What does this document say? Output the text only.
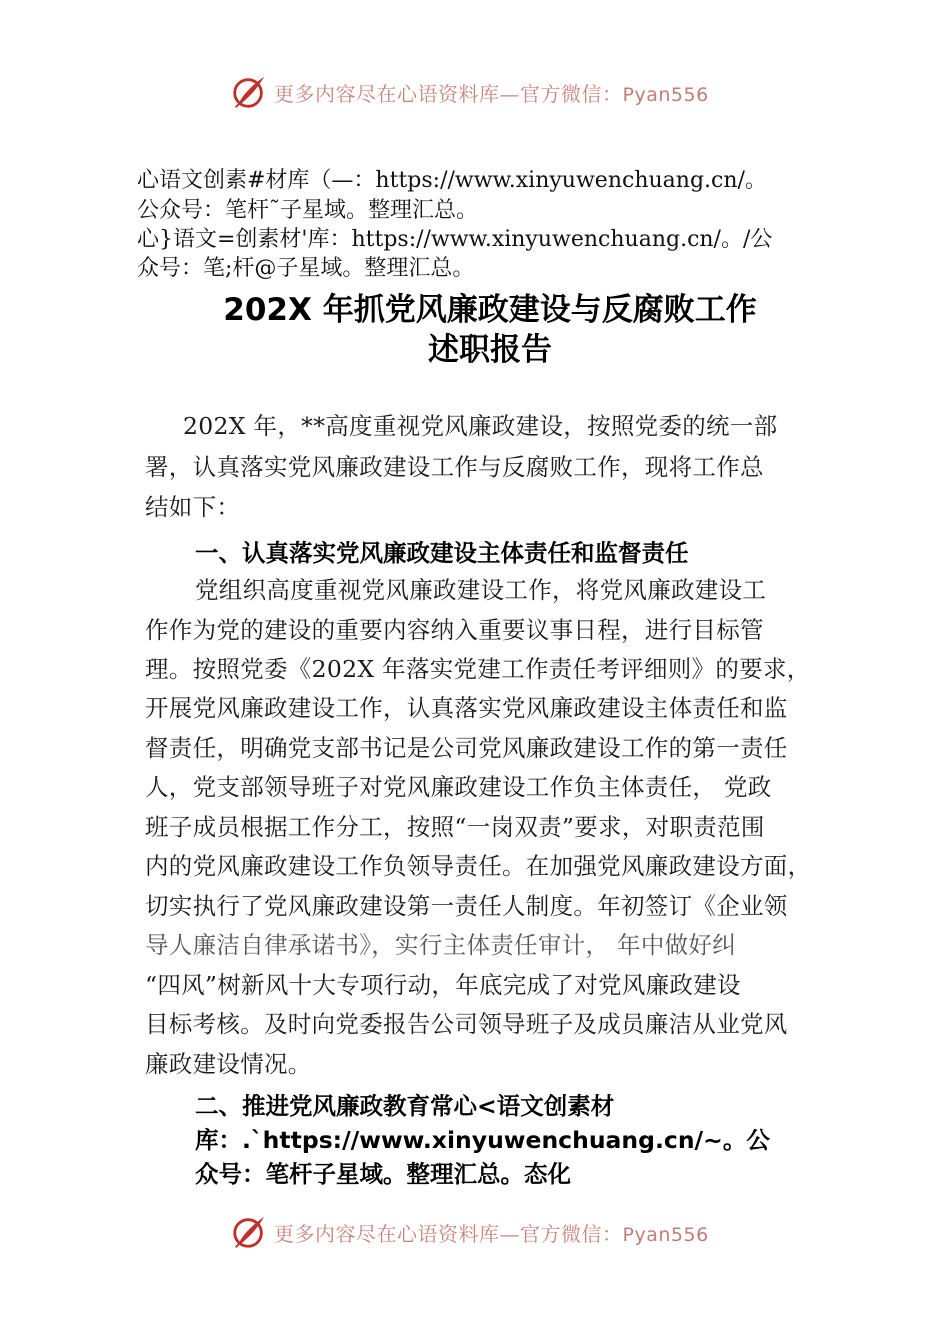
更多内容尽在心语资料库—官方微信：Pyan556
心语文创素#材库（—：https://www.xinyuwenchuang.cn/。
公众号：笔杆˜子星域。整理汇总。
心}语文=创素材'库：https://www.xinyuwenchuang.cn/。/公
众号：笔;杆@子星域。整理汇总。
202X 年抓党风廉政建设与反腐败工作
述职报告
202X 年，**高度重视党风廉政建设，按照党委的统一部
署，认真落实党风廉政建设工作与反腐败工作，现将工作总
结如下：
一、认真落实党风廉政建设主体责任和监督责任
党组织高度重视党风廉政建设工作，将党风廉政建设工
作作为党的建设的重要内容纳入重要议事日程，进行目标管
理。按照党委《202X 年落实党建工作责任考评细则》的要求，
开展党风廉政建设工作，认真落实党风廉政建设主体责任和监
督责任，明确党支部书记是公司党风廉政建设工作的第一责任
人，党支部领导班子对党风廉政建设工作负主体责任， 党政
班子成员根据工作分工，按照“一岗双责”要求，对职责范围
内的党风廉政建设工作负领导责任。在加强党风廉政建设方面，
切实执行了党风廉政建设第一责任人制度。年初签订《企业领
导人廉洁自律承诺书》，实行主体责任审计， 年中做好纠
“四风”树新风十大专项行动，年底完成了对党风廉政建设
目标考核。及时向党委报告公司领导班子及成员廉洁从业党风
廉政建设情况。
二、推进党风廉政教育常心<语文创素材
库：.`https://www.xinyuwenchuang.cn/~。公
众号：笔杆子星域。整理汇总。态化
更多内容尽在心语资料库—官方微信：Pyan556
